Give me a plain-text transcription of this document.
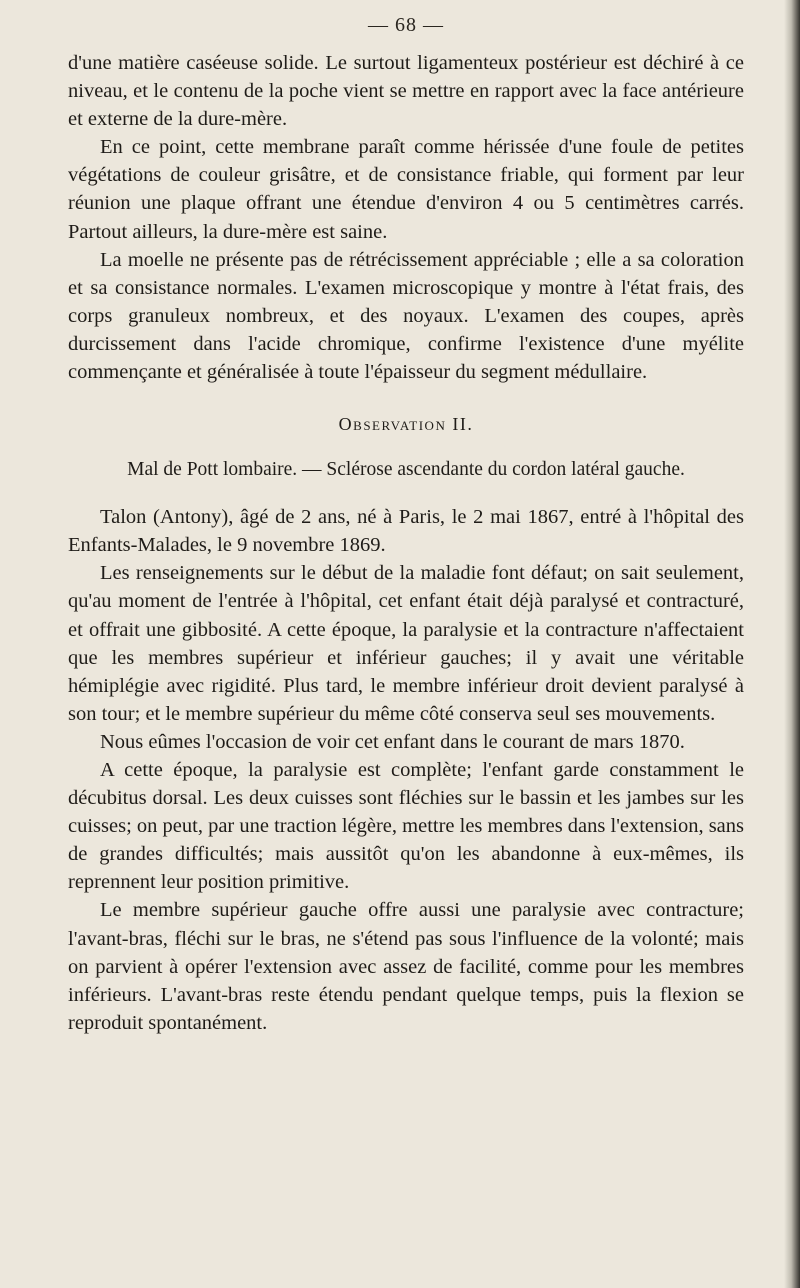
— 68 —

d'une matière caséeuse solide. Le surtout ligamenteux postérieur est déchiré à ce niveau, et le contenu de la poche vient se mettre en rapport avec la face antérieure et externe de la dure-mère.

En ce point, cette membrane paraît comme hérissée d'une foule de petites végétations de couleur grisâtre, et de consistance friable, qui forment par leur réunion une plaque offrant une étendue d'environ 4 ou 5 centimètres carrés. Partout ailleurs, la dure-mère est saine.

La moelle ne présente pas de rétrécissement appréciable ; elle a sa coloration et sa consistance normales. L'examen microscopique y montre à l'état frais, des corps granuleux nombreux, et des noyaux. L'examen des coupes, après durcissement dans l'acide chromique, confirme l'existence d'une myélite commençante et généralisée à toute l'épaisseur du segment médullaire.

Observation II.
Mal de Pott lombaire. — Sclérose ascendante du cordon latéral gauche.

Talon (Antony), âgé de 2 ans, né à Paris, le 2 mai 1867, entré à l'hôpital des Enfants-Malades, le 9 novembre 1869.

Les renseignements sur le début de la maladie font défaut; on sait seulement, qu'au moment de l'entrée à l'hôpital, cet enfant était déjà paralysé et contracturé, et offrait une gibbosité. A cette époque, la paralysie et la contracture n'affectaient que les membres supérieur et inférieur gauches; il y avait une véritable hémiplégie avec rigidité. Plus tard, le membre inférieur droit devient paralysé à son tour; et le membre supérieur du même côté conserva seul ses mouvements.

Nous eûmes l'occasion de voir cet enfant dans le courant de mars 1870.

A cette époque, la paralysie est complète; l'enfant garde constamment le décubitus dorsal. Les deux cuisses sont fléchies sur le bassin et les jambes sur les cuisses; on peut, par une traction légère, mettre les membres dans l'extension, sans de grandes difficultés; mais aussitôt qu'on les abandonne à eux-mêmes, ils reprennent leur position primitive.

Le membre supérieur gauche offre aussi une paralysie avec contracture; l'avant-bras, fléchi sur le bras, ne s'étend pas sous l'influence de la volonté; mais on parvient à opérer l'extension avec assez de facilité, comme pour les membres inférieurs. L'avant-bras reste étendu pendant quelque temps, puis la flexion se reproduit spontanément.
